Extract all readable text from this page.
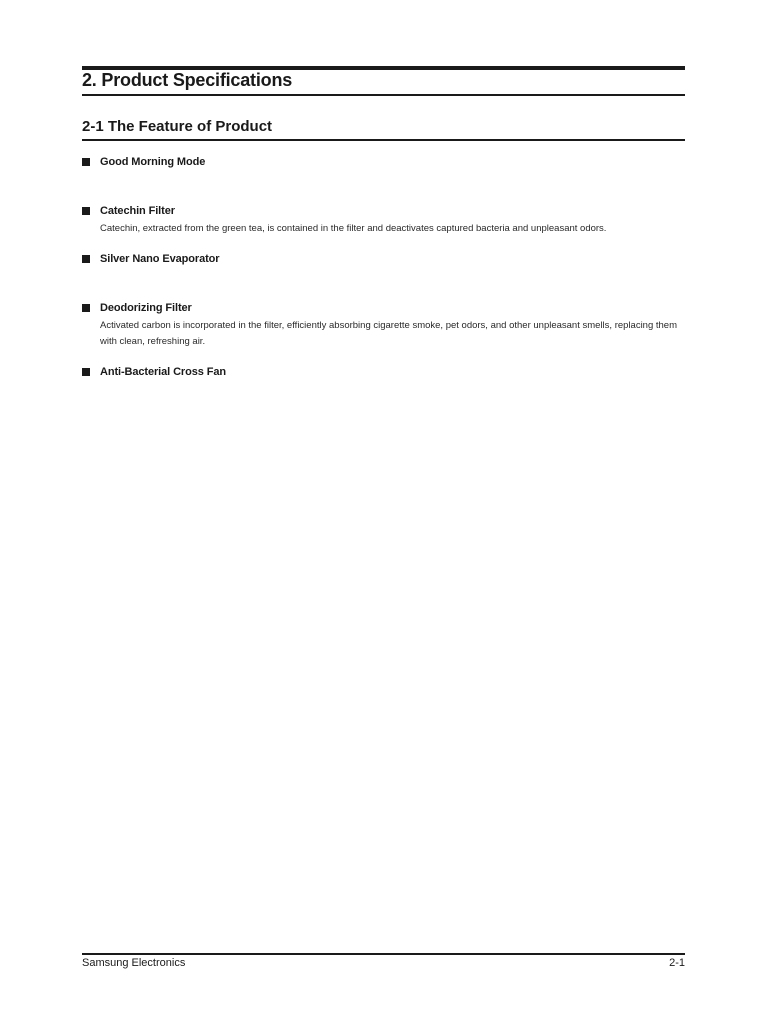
2. Product Specifications
2-1 The Feature of Product
Good Morning Mode
Catechin Filter

Catechin, extracted from the green tea, is contained in the filter and deactivates captured bacteria and unpleasant odors.

Silver Nano Evaporator
Deodorizing Filter

Activated carbon is incorporated in the filter, efficiently absorbing cigarette smoke, pet odors, and other unpleasant smells, replacing them with clean, refreshing air.

Anti-Bacterial Cross Fan
Samsung Electronics	2-1
